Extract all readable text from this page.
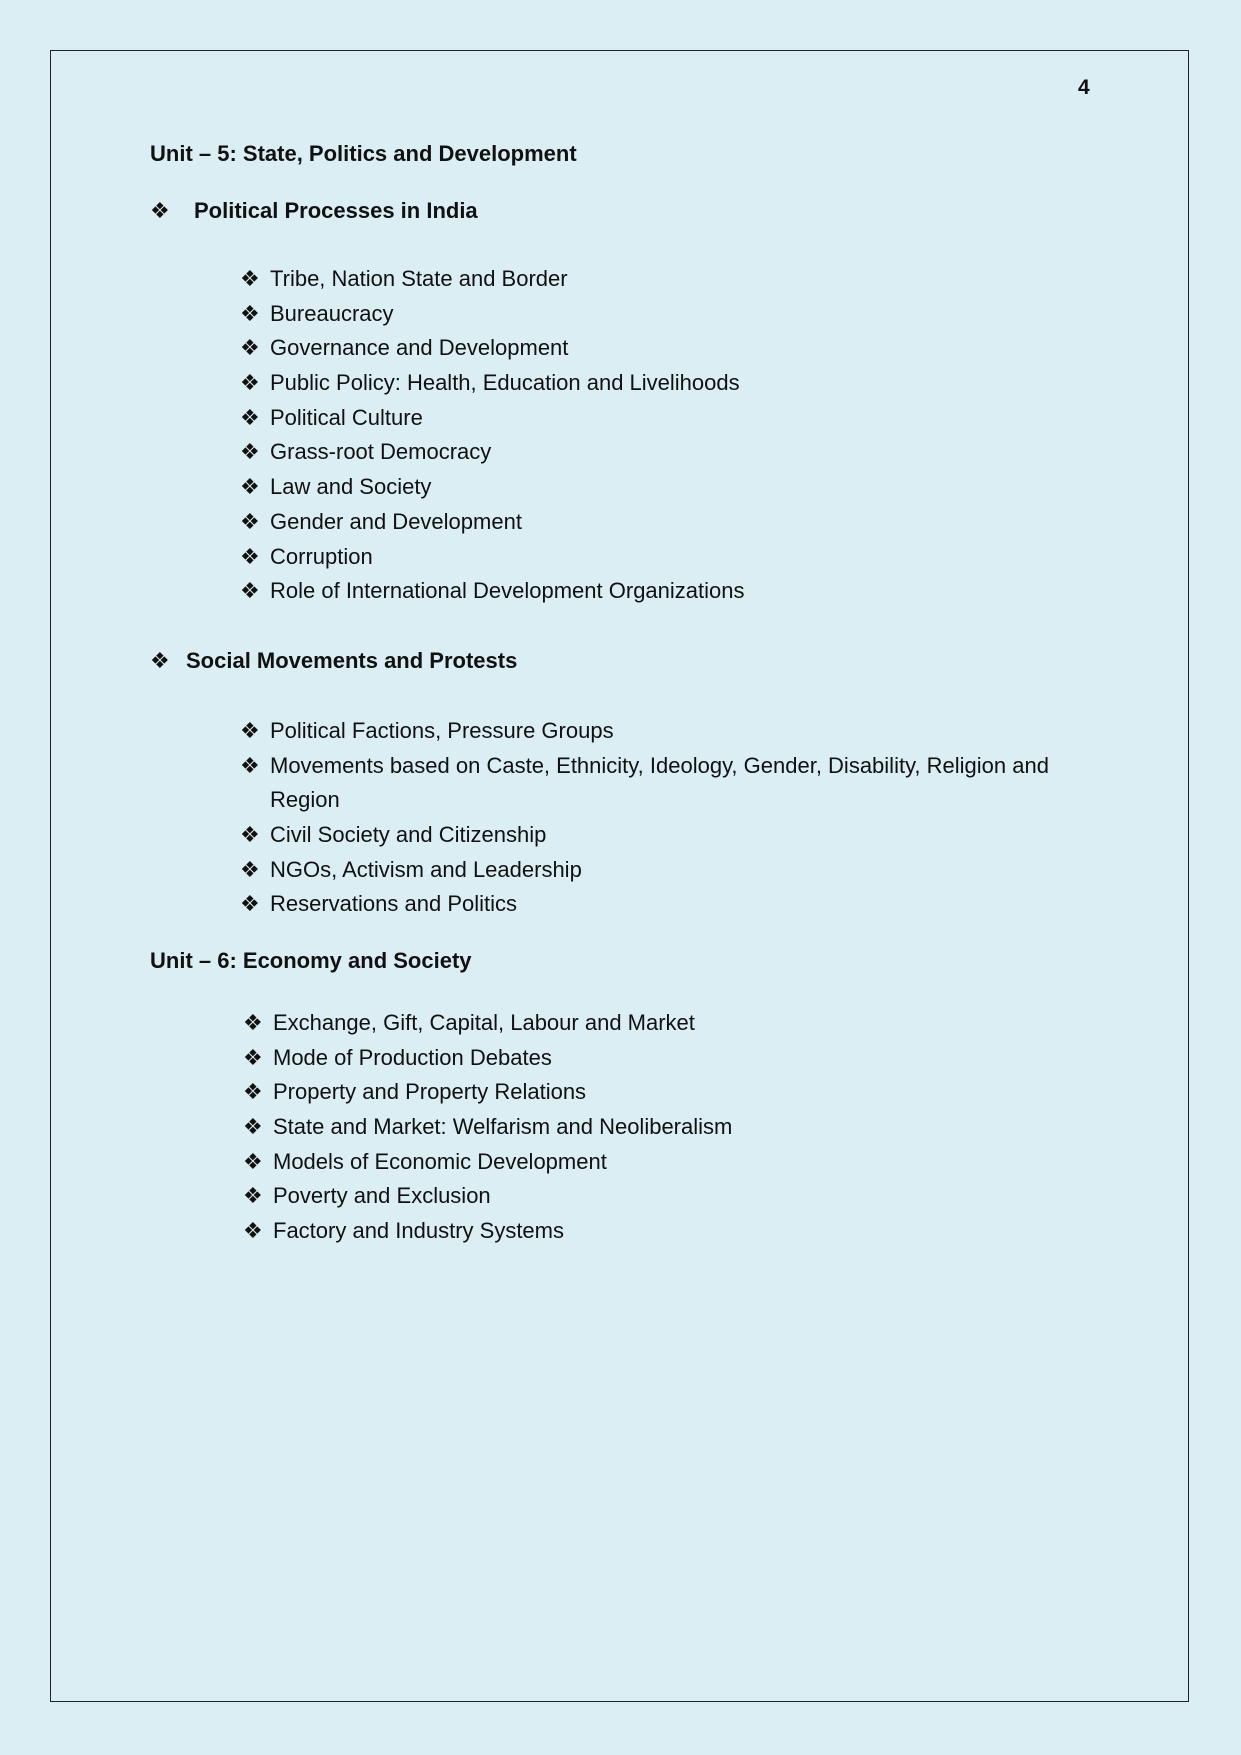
4
Unit – 5: State, Politics and Development
❖ Political Processes in India
❖ Tribe, Nation State and Border
❖ Bureaucracy
❖ Governance and Development
❖ Public Policy: Health, Education and Livelihoods
❖ Political Culture
❖ Grass-root Democracy
❖ Law and Society
❖ Gender and Development
❖ Corruption
❖ Role of International Development Organizations
❖ Social Movements and Protests
❖ Political Factions, Pressure Groups
❖ Movements based on Caste, Ethnicity, Ideology, Gender, Disability, Religion and Region
❖ Civil Society and Citizenship
❖ NGOs, Activism and Leadership
❖ Reservations and Politics
Unit – 6: Economy and Society
❖ Exchange, Gift, Capital, Labour and Market
❖ Mode of Production Debates
❖ Property and Property Relations
❖ State and Market: Welfarism and Neoliberalism
❖ Models of Economic Development
❖ Poverty and Exclusion
❖ Factory and Industry Systems
